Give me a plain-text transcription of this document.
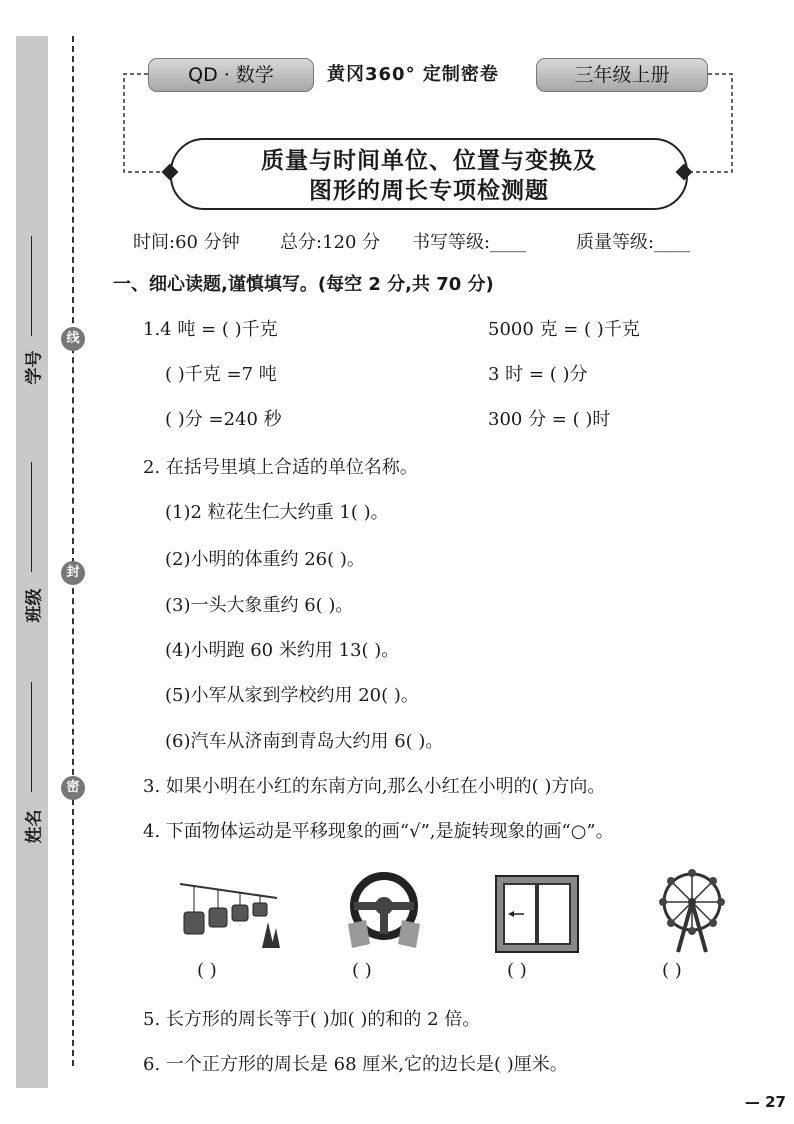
学号
班级
姓名
线
封
密
QD · 数学	黄冈360° 定制密卷	三年级上册
质量与时间单位、位置与变换及
图形的周长专项检测题
时间:60 分钟 总分:120 分 书写等级:____	质量等级:____
一、细心读题,谨慎填写。(每空 2 分,共 70 分)
1.4 吨 = ( )千克	5000 克 = ( )千克
( )千克 =7 吨	3 时 = ( )分
( )分 =240 秒	300 分 = ( )时
2. 在括号里填上合适的单位名称。
(1)2 粒花生仁大约重 1( )。
(2)小明的体重约 26( )。
(3)一头大象重约 6( )。
(4)小明跑 60 米约用 13( )。
(5)小军从家到学校约用 20( )。
(6)汽车从济南到青岛大约用 6( )。
3. 如果小明在小红的东南方向,那么小红在小明的( )方向。
4. 下面物体运动是平移现象的画“√”,是旋转现象的画“○”。
( )	( )	( )	( )
5. 长方形的周长等于( )加( )的和的 2 倍。
6. 一个正方形的周长是 68 厘米,它的边长是( )厘米。
— 27
